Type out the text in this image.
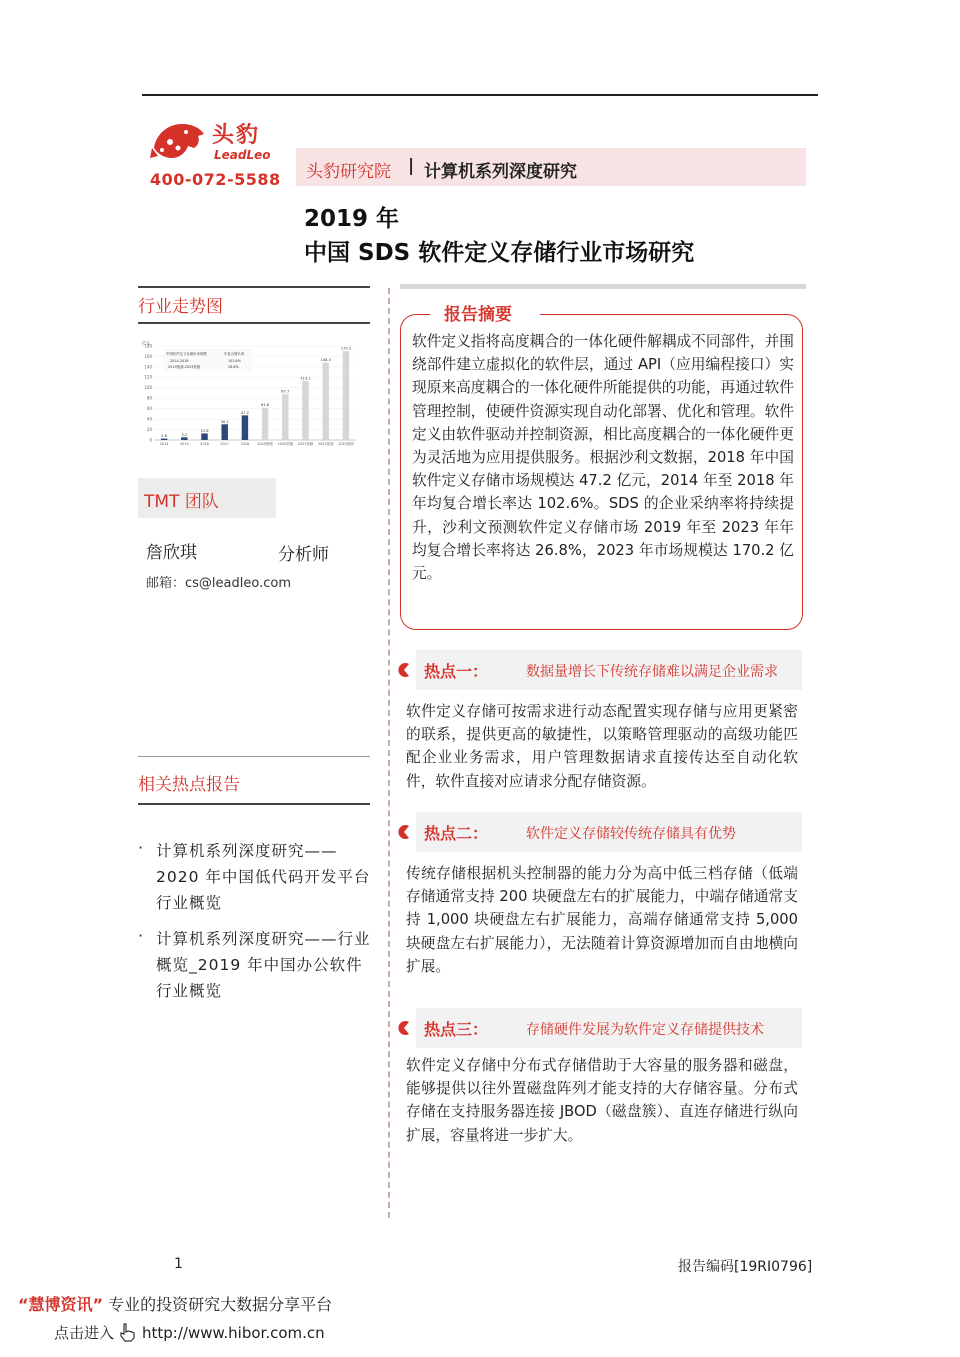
头豹
LeadLeo
400-072-5588 头豹研究院 | 计算机系列深度研究
2019 年
中国 SDS 软件定义存储行业市场研究
行业走势图
0
20
40
60
80
100
120
140
160
180
2.8	5.2
12.6
30.1
47.2
61.8
87.7
113.1
148.3
170.2
2014	2015	2016	2017	2018 2019预测 2020预测 2021预测 2022预测 2023预测
亿元
中国软件定义存储市场规模	年复合增长率
2014-2018	102.6%
2019预测-2023预测	26.8%
TMT 团队
詹欣琪	分析师
邮箱：cs@leadleo.com
相关热点报告
· 计算机系列深度研究——2020 年中国低代码开发平台行业概览
· 计算机系列深度研究——行业概览_2019 年中国办公软件行业概览
报告摘要
软件定义指将高度耦合的一体化硬件解耦成不同部件，并围绕部件建立虚拟化的软件层，通过 API（应用编程接口）实现原来高度耦合的一体化硬件所能提供的功能，再通过软件管理控制，使硬件资源实现自动化部署、优化和管理。软件定义由软件驱动并控制资源，相比高度耦合的一体化硬件更为灵活地为应用提供服务。根据沙利文数据，2018 年中国软件定义存储市场规模达 47.2 亿元，2014 年至 2018 年年均复合增长率达 102.6%。SDS 的企业采纳率将持续提升，沙利文预测软件定义存储市场 2019 年至 2023 年年均复合增长率将达 26.8%，2023 年市场规模达 170.2 亿元。
热点一：	数据量增长下传统存储难以满足企业需求
软件定义存储可按需求进行动态配置实现存储与应用更紧密的联系，提供更高的敏捷性，以策略管理驱动的高级功能匹配企业业务需求，用户管理数据请求直接传达至自动化软件，软件直接对应请求分配存储资源。
热点二：	软件定义存储较传统存储具有优势
传统存储根据机头控制器的能力分为高中低三档存储（低端存储通常支持 200 块硬盘左右的扩展能力，中端存储通常支持 1,000 块硬盘左右扩展能力，高端存储通常支持 5,000 块硬盘左右扩展能力），无法随着计算资源增加而自由地横向扩展。
热点三：	存储硬件发展为软件定义存储提供技术
软件定义存储中分布式存储借助于大容量的服务器和磁盘，能够提供以往外置磁盘阵列才能支持的大存储容量。分布式存储在支持服务器连接 JBOD（磁盘簇）、直连存储进行纵向扩展，容量将进一步扩大。
1	报告编码[19RI0796]
“慧博资讯” 专业的投资研究大数据分享平台
点击进入 http://www.hibor.com.cn
